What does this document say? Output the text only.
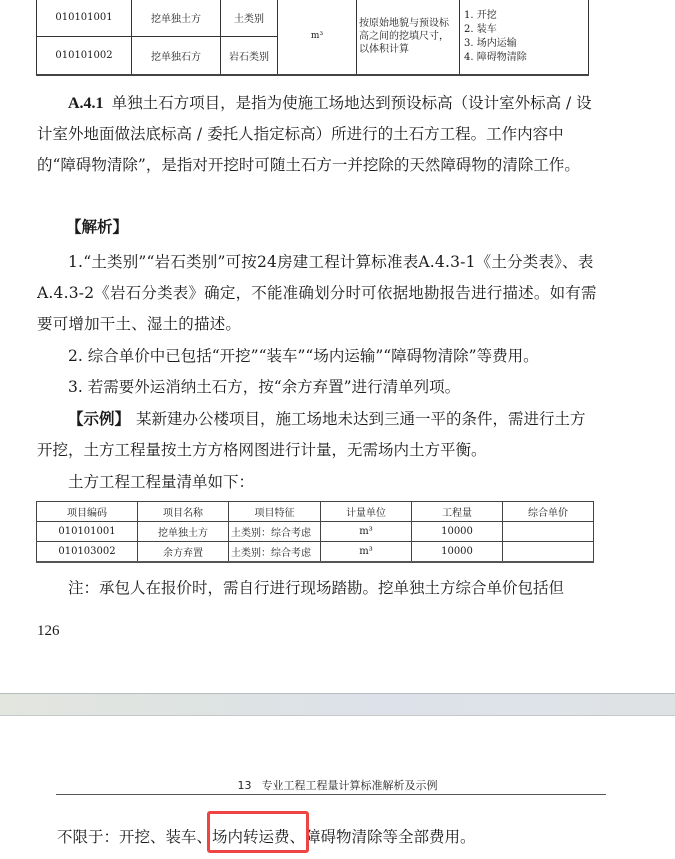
010101001	挖单独土方	土类别	m³	按原始地貌与预设标高之间的挖填尺寸，以体积计算	1. 开挖
2. 装车
3. 场内运输
4. 障碍物清除

010101002	挖单独石方	岩石类别			

A.4.1 单独土石方项目，是指为使施工场地达到预设标高（设计室外标高 / 设计室外地面做法底标高 / 委托人指定标高）所进行的土石方工程。工作内容中的“障碍物清除”，是指对开挖时可随土石方一并挖除的天然障碍物的清除工作。

【解析】

1.“土类别”“岩石类别”可按24房建工程计算标准表A.4.3-1《土分类表》、表A.4.3-2《岩石分类表》确定，不能准确划分时可依据地勘报告进行描述。如有需要可增加干土、湿土的描述。

2. 综合单价中已包括“开挖”“装车”“场内运输”“障碍物清除”等费用。

3. 若需要外运消纳土石方，按“余方弃置”进行清单列项。

【示例】 某新建办公楼项目，施工场地未达到三通一平的条件，需进行土方开挖，土方工程量按土方方格网图进行计量，无需场内土方平衡。

土方工程工程量清单如下：

项目编码	项目名称	项目特征	计量单位	工程量	综合单价
010101001	挖单独土方	土类别：综合考虑	m³	10000	
010103002	余方弃置	土类别：综合考虑	m³	10000	

注：承包人在报价时，需自行进行现场踏勘。挖单独土方综合单价包括但

126
13 专业工程工程量计算标准解析及示例

不限于：开挖、装车、场内转运费、障碍物清除等全部费用。
